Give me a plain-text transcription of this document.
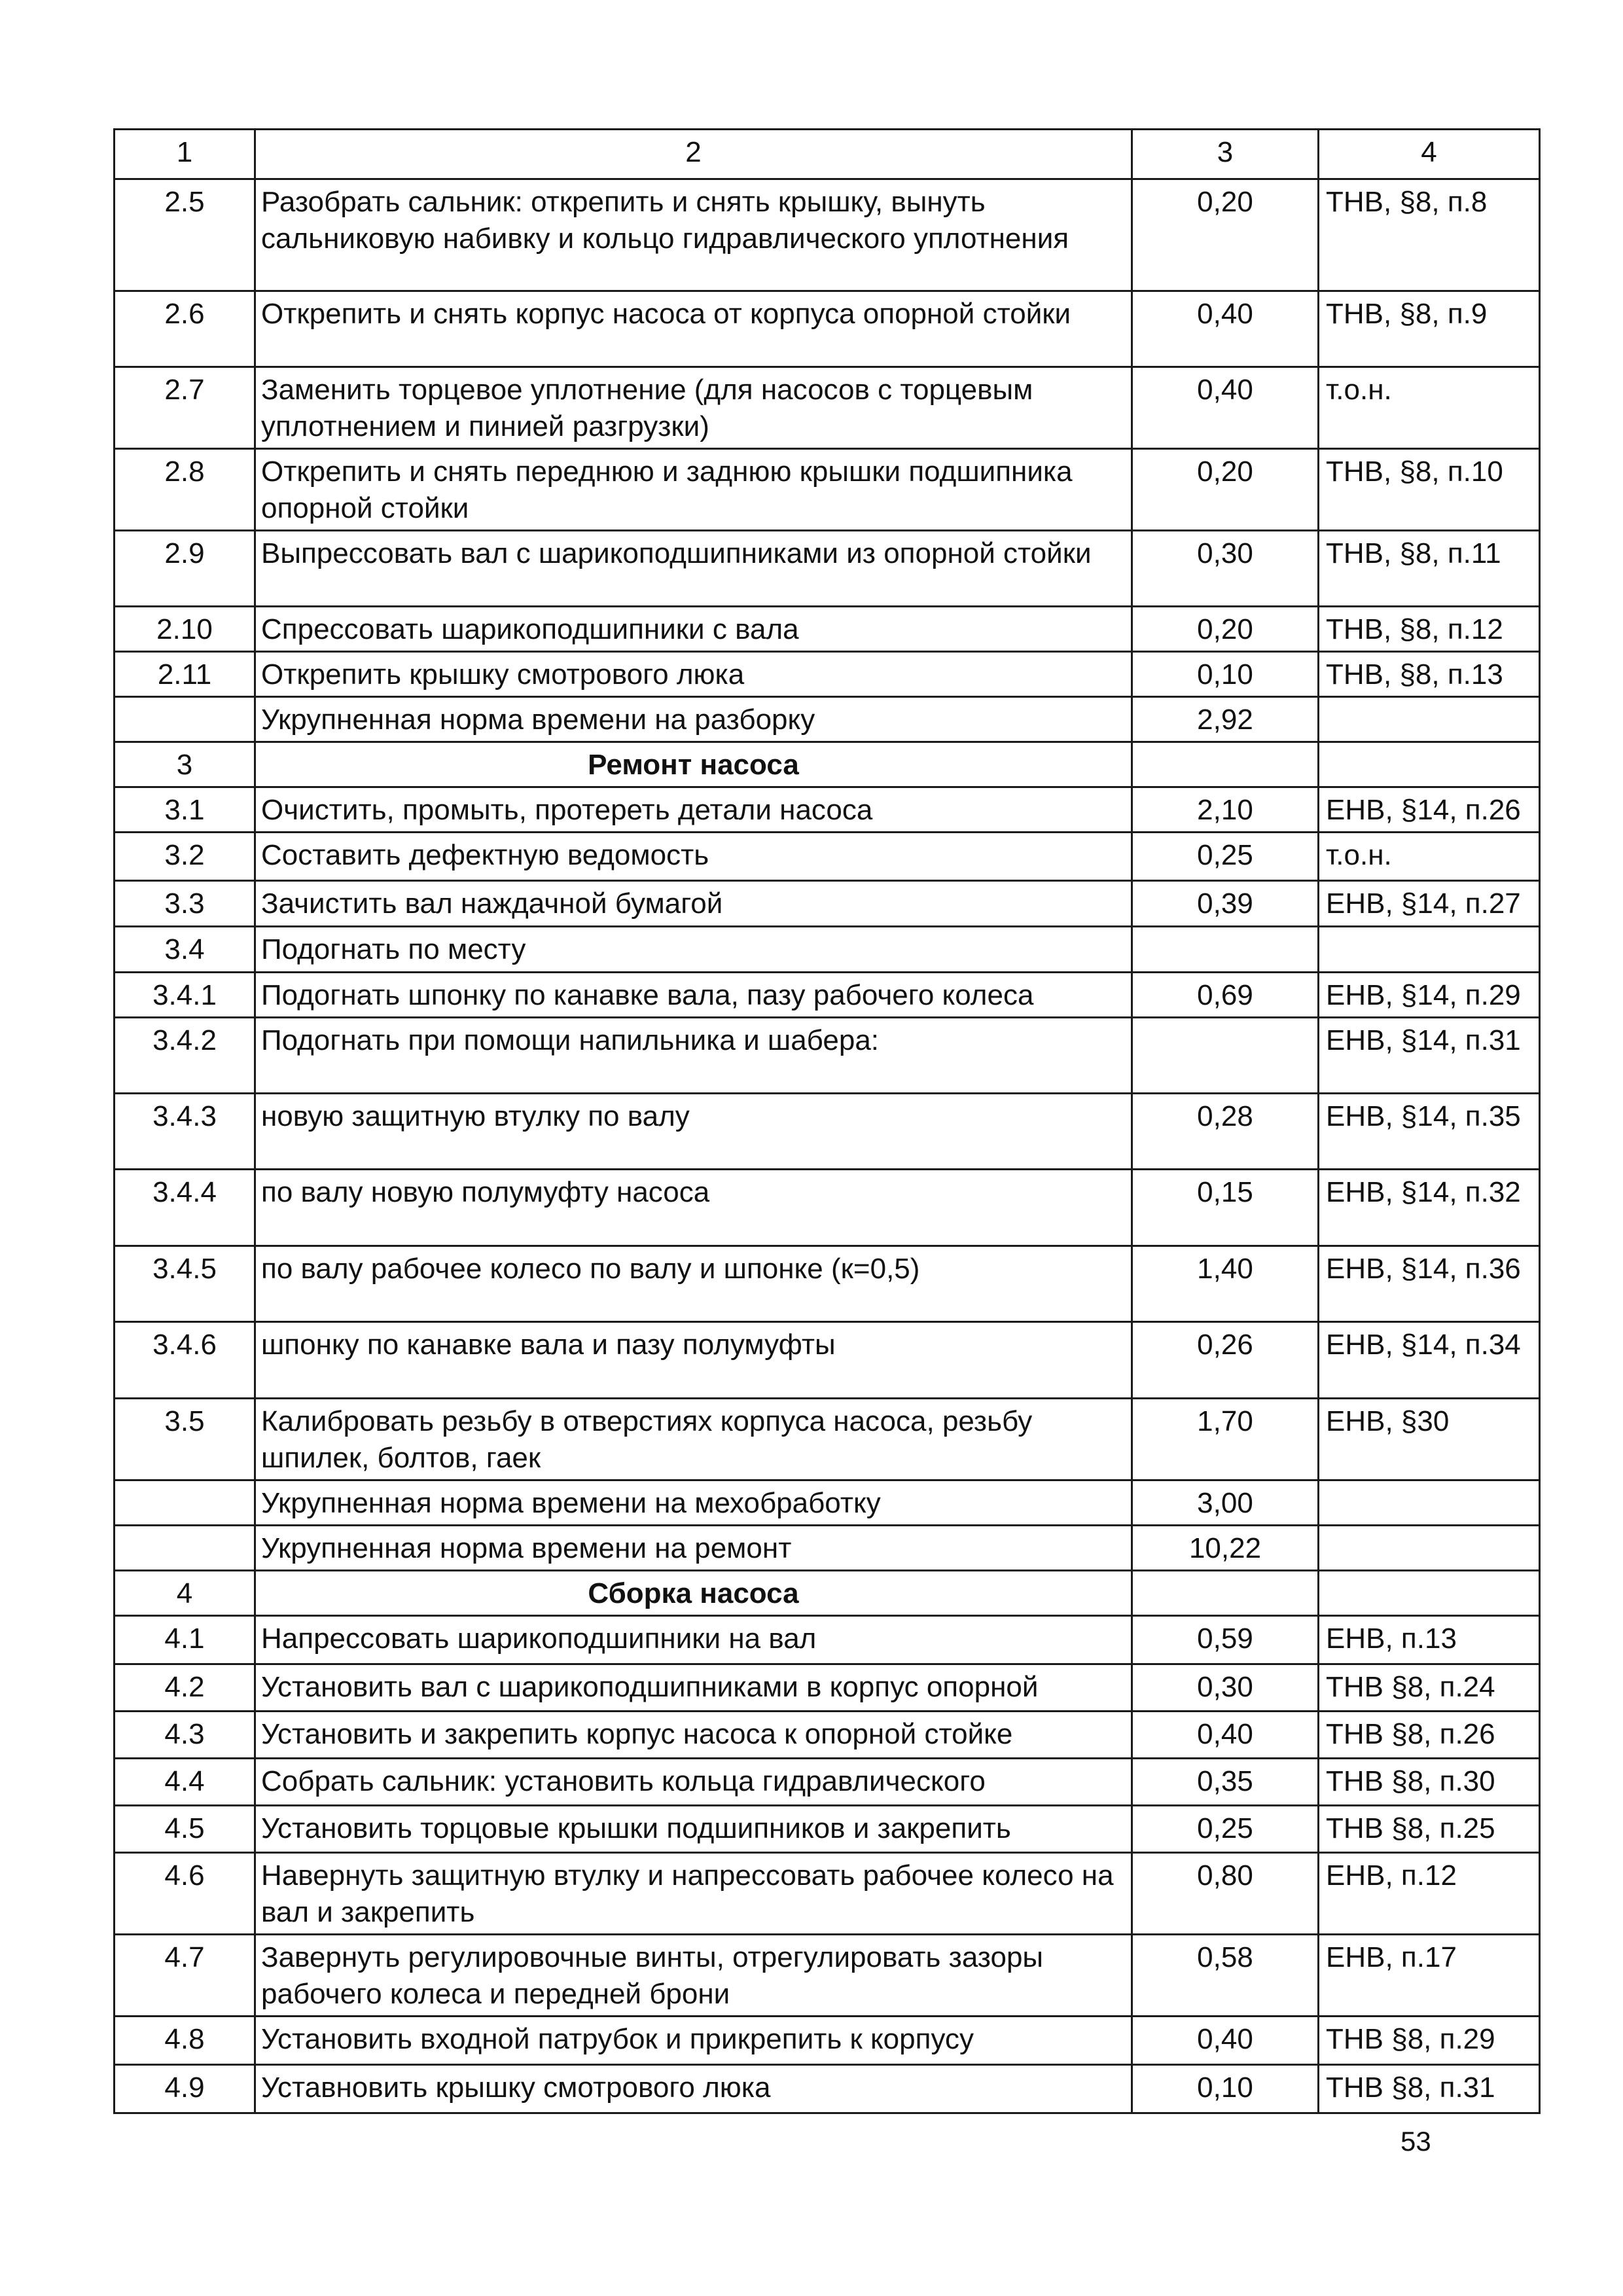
1	2	3	4
2.5	Разобрать сальник: открепить и снять крышку, вынуть сальниковую набивку и кольцо гидравлического уплотнения	0,20	ТНВ, §8, п.8
2.6	Открепить и снять корпус насоса от корпуса опорной стойки	0,40	ТНВ, §8, п.9
2.7	Заменить торцевое уплотнение (для насосов с торцевым уплотнением и пинией разгрузки)	0,40	т.о.н.
2.8	Открепить и снять переднюю и заднюю крышки подшипника опорной стойки	0,20	ТНВ, §8, п.10
2.9	Выпрессовать вал с шарикоподшипниками из опорной стойки	0,30	ТНВ, §8, п.11
2.10	Спрессовать шарикоподшипники с вала	0,20	ТНВ, §8, п.12
2.11	Открепить крышку смотрового люка	0,10	ТНВ, §8, п.13
	Укрупненная норма времени на разборку	2,92	
3	Ремонт насоса		
3.1	Очистить, промыть, протереть детали насоса	2,10	ЕНВ, §14, п.26
3.2	Составить дефектную ведомость	0,25	т.о.н.
3.3	Зачистить вал наждачной бумагой	0,39	ЕНВ, §14, п.27
3.4	Подогнать по месту		
3.4.1	Подогнать шпонку по канавке вала, пазу рабочего колеса	0,69	ЕНВ, §14, п.29
3.4.2	Подогнать при помощи напильника и шабера:		ЕНВ, §14, п.31
3.4.3	новую защитную втулку по валу	0,28	ЕНВ, §14, п.35
3.4.4	по валу новую полумуфту насоса	0,15	ЕНВ, §14, п.32
3.4.5	по валу рабочее колесо по валу и шпонке (к=0,5)	1,40	ЕНВ, §14, п.36
3.4.6	шпонку по канавке вала и пазу полумуфты	0,26	ЕНВ, §14, п.34
3.5	Калибровать резьбу в отверстиях корпуса насоса, резьбу шпилек, болтов, гаек	1,70	ЕНВ, §30
	Укрупненная норма времени на мехобработку	3,00	
	Укрупненная норма времени на ремонт	10,22	
4	Сборка насоса		
4.1	Напрессовать шарикоподшипники на вал	0,59	ЕНВ, п.13
4.2	Установить вал с шарикоподшипниками в корпус опорной	0,30	ТНВ §8, п.24
4.3	Установить и закрепить корпус насоса к опорной стойке	0,40	ТНВ §8, п.26
4.4	Собрать сальник: установить кольца гидравлического	0,35	ТНВ §8, п.30
4.5	Установить торцовые крышки подшипников и закрепить	0,25	ТНВ §8, п.25
4.6	Навернуть защитную втулку и напрессовать рабочее колесо на вал и закрепить	0,80	ЕНВ, п.12
4.7	Завернуть регулировочные винты, отрегулировать зазоры рабочего колеса и передней брони	0,58	ЕНВ, п.17
4.8	Установить входной патрубок и прикрепить к корпусу	0,40	ТНВ §8, п.29
4.9	Уставновить крышку смотрового люка	0,10	ТНВ §8, п.31
53
